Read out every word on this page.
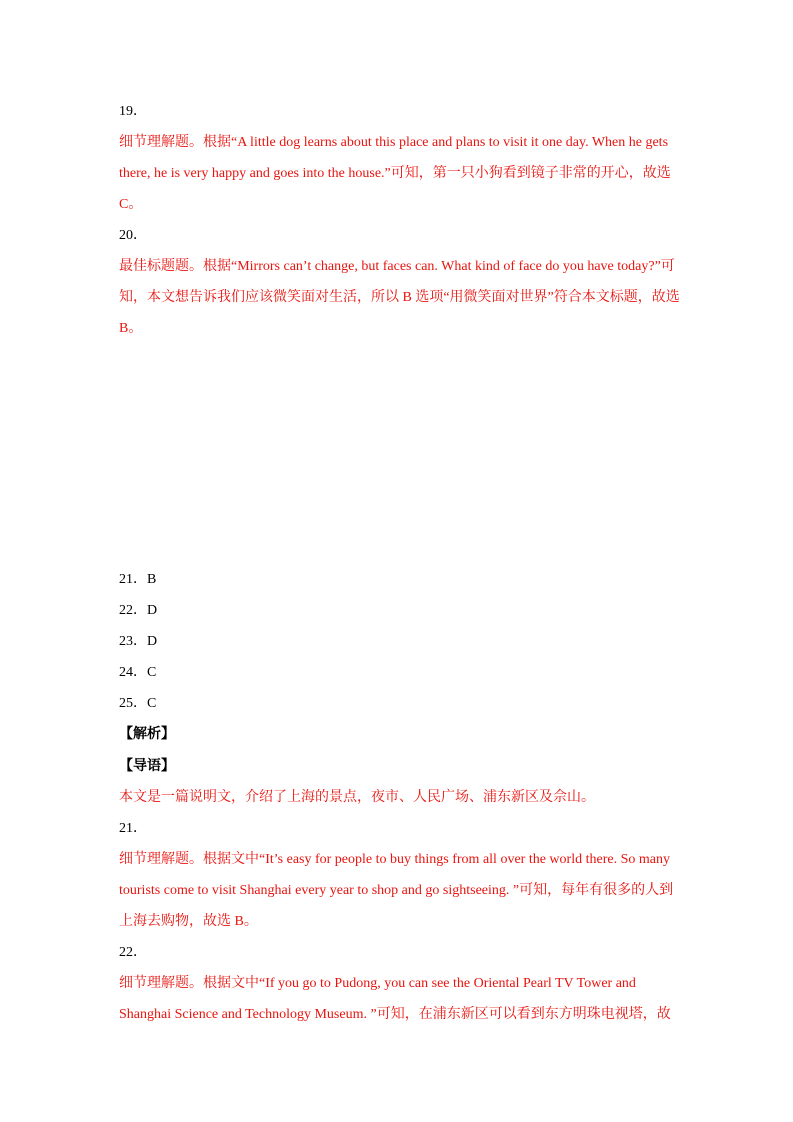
19．
细节理解题。根据“A little dog learns about this place and plans to visit it one day. When he gets
there, he is very happy and goes into the house.”可知，第一只小狗看到镜子非常的开心，故选
C。
20．
最佳标题题。根据“Mirrors can’t change, but faces can. What kind of face do you have today?”可
知，本文想告诉我们应该微笑面对生活，所以 B 选项“用微笑面对世界”符合本文标题，故选
B。
21．B
22．D
23．D
24．C
25．C
【解析】
【导语】
本文是一篇说明文，介绍了上海的景点，夜市、人民广场、浦东新区及佘山。
21．
细节理解题。根据文中“It’s easy for people to buy things from all over the world there. So many
tourists come to visit Shanghai every year to shop and go sightseeing. ”可知，每年有很多的人到
上海去购物，故选 B。
22．
细节理解题。根据文中“If you go to Pudong, you can see the Oriental Pearl TV Tower and
Shanghai Science and Technology Museum. ”可知，在浦东新区可以看到东方明珠电视塔，故
